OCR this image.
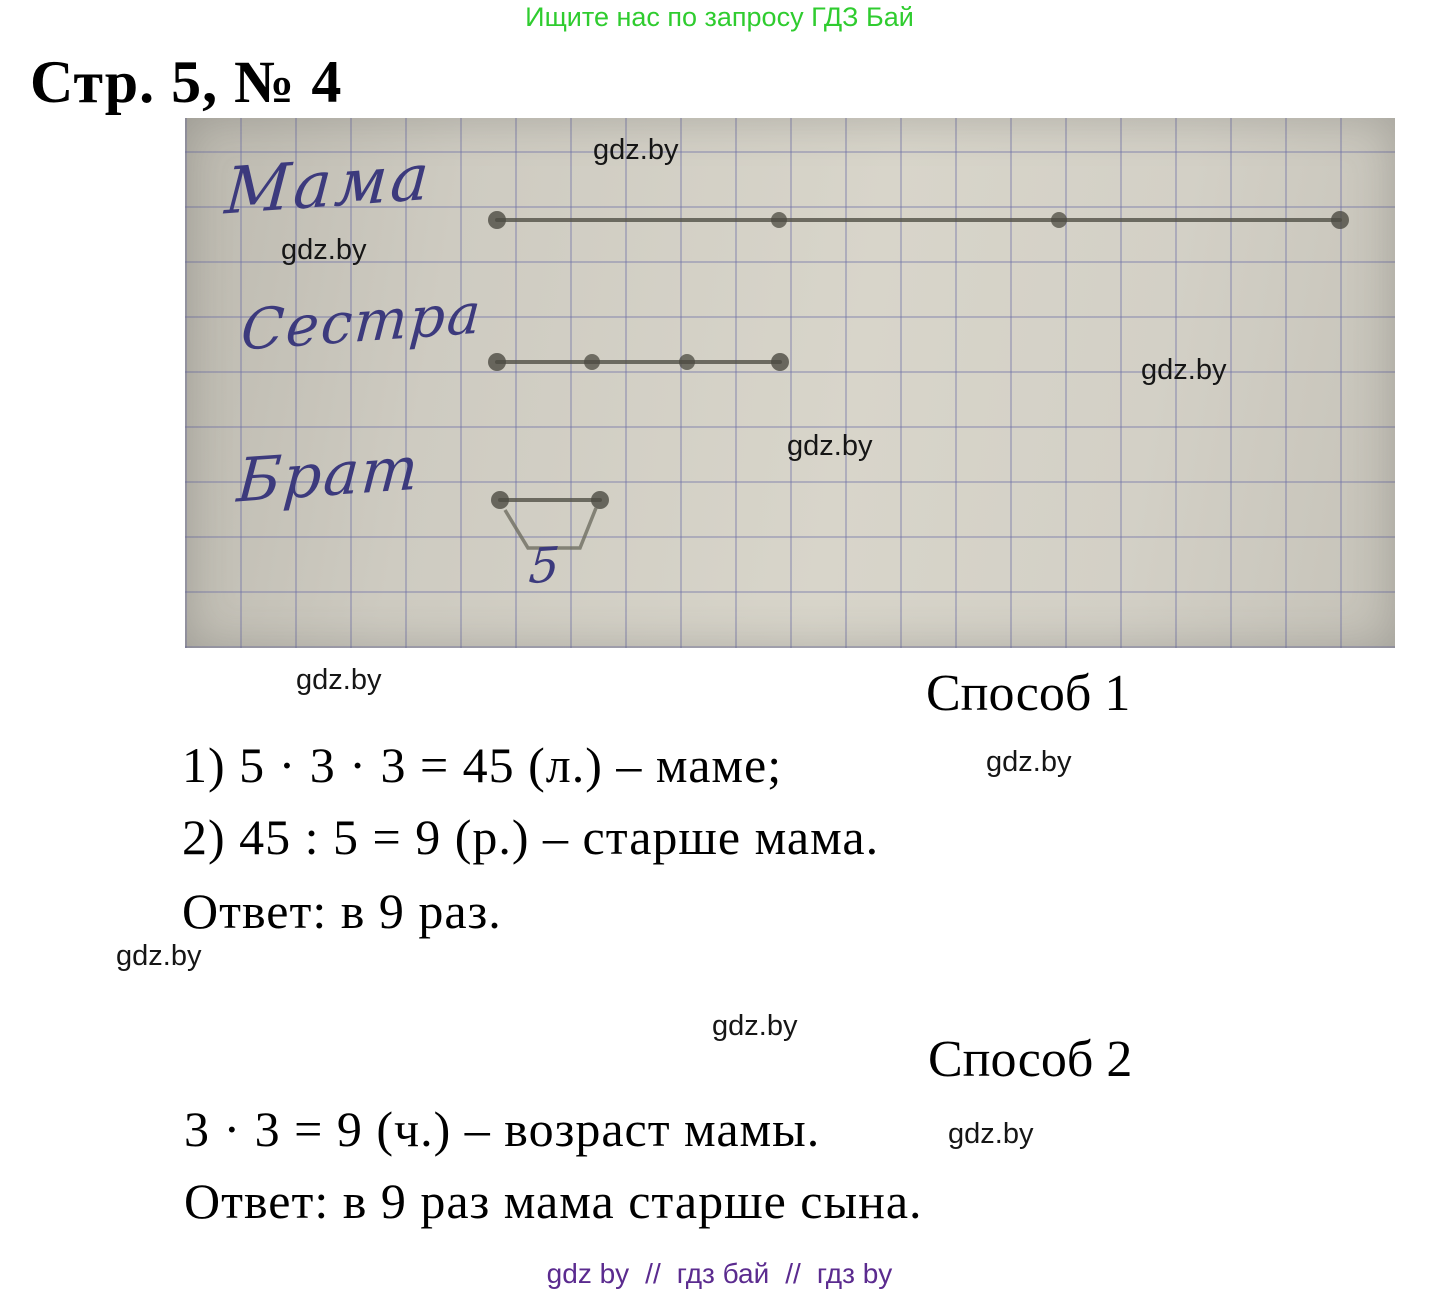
Ищите нас по запросу ГДЗ Бай
Стр. 5, № 4
Мама
Сестра
Брат
5
gdz.by
gdz.by
gdz.by
gdz.by
gdz.by
gdz.by
gdz.by
gdz.by
gdz.by
Способ 1
1) 5 · 3 · 3 = 45 (л.) – маме;
2) 45 : 5 = 9 (р.) – старше мама.
Ответ: в 9 раз.
Способ 2
3 · 3 = 9 (ч.) – возраст мамы.
Ответ: в 9 раз мама старше сына.
gdz by // гдз бай // гдз by
